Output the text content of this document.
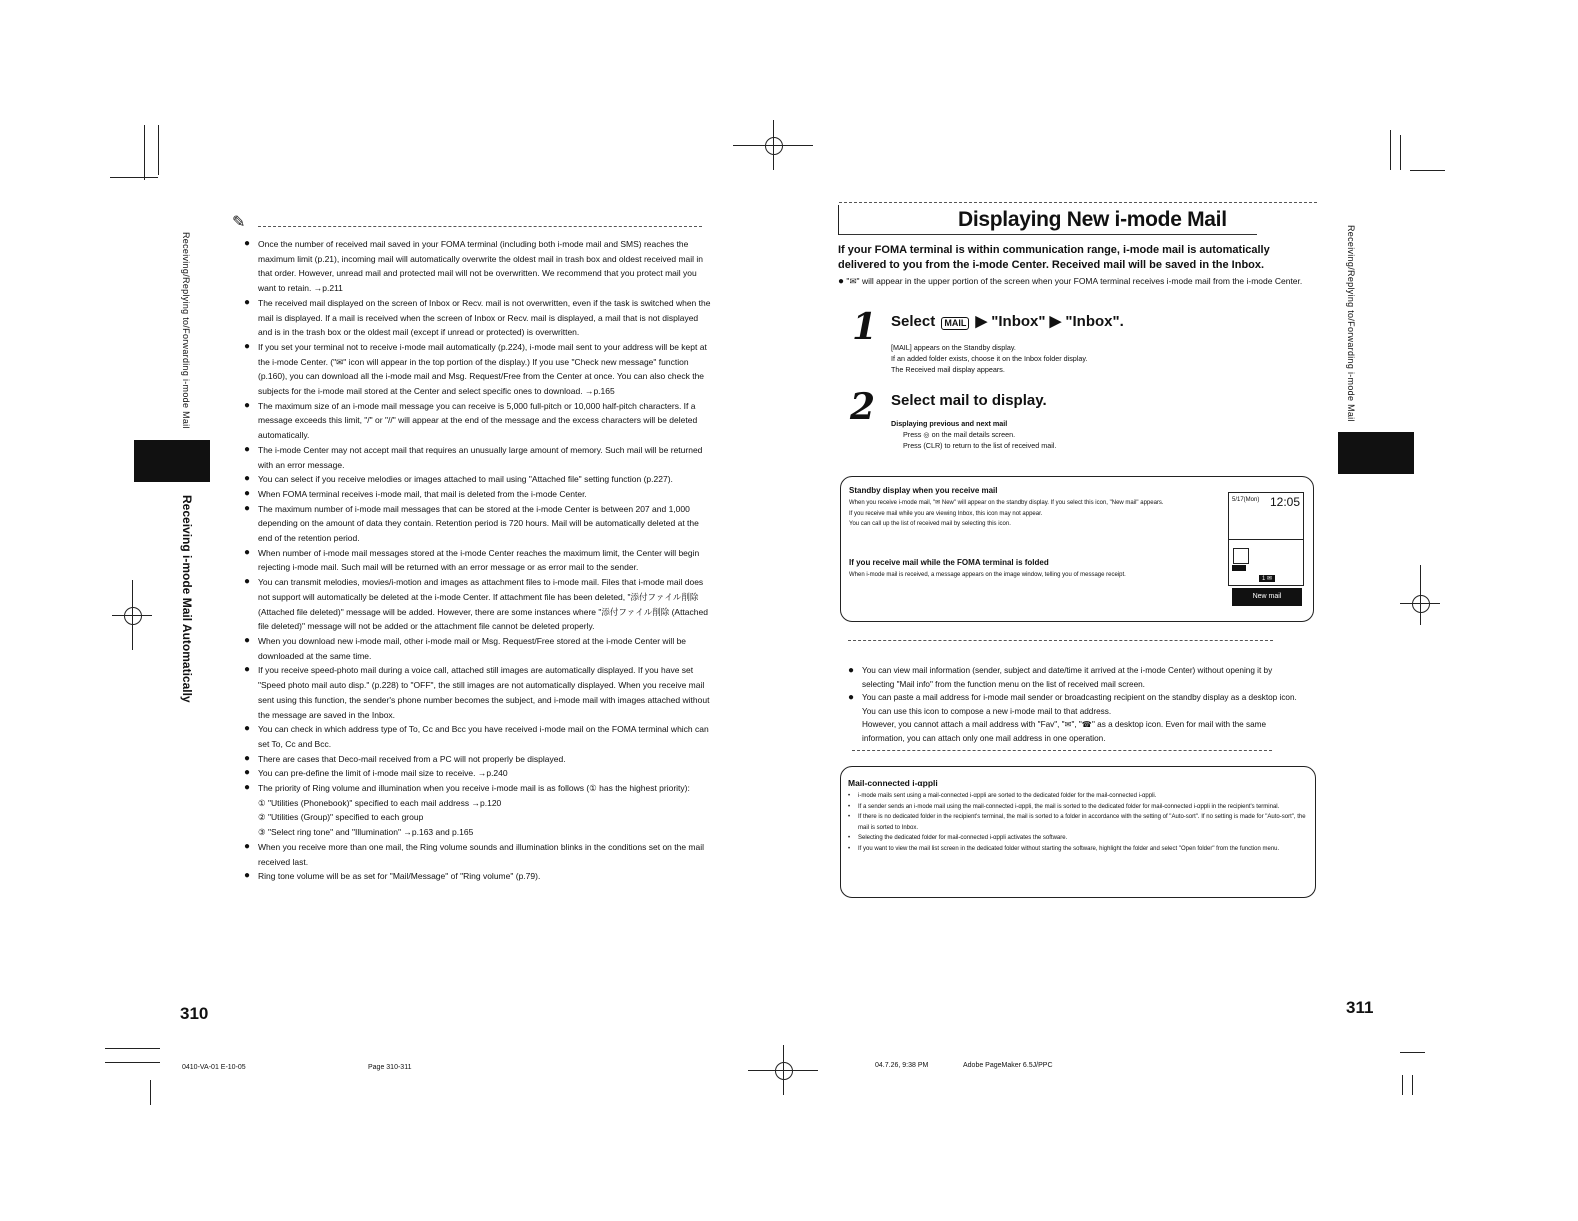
Receiving/Replying to/Forwarding i-mode Mail
Receiving i-mode Mail Automatically
✎
● Once the number of received mail saved in your FOMA terminal (including both i-mode mail and SMS) reaches the maximum limit (p.21), incoming mail will automatically overwrite the oldest mail in trash box and oldest received mail in that order. However, unread mail and protected mail will not be overwritten. We recommend that you protect mail you want to retain. →p.211
● The received mail displayed on the screen of Inbox or Recv. mail is not overwritten, even if the task is switched when the mail is displayed. If a mail is received when the screen of Inbox or Recv. mail is displayed, a mail that is not displayed and is in the trash box or the oldest mail (except if unread or protected) is overwritten.
● If you set your terminal not to receive i-mode mail automatically (p.224), i-mode mail sent to your address will be kept at the i-mode Center. ("✉" icon will appear in the top portion of the display.) If you use "Check new message" function (p.160), you can download all the i-mode mail and Msg. Request/Free from the Center at once. You can also check the subjects for the i-mode mail stored at the Center and select specific ones to download. →p.165
● The maximum size of an i-mode mail message you can receive is 5,000 full-pitch or 10,000 half-pitch characters. If a message exceeds this limit, "/" or "//" will appear at the end of the message and the excess characters will be deleted automatically.
● The i-mode Center may not accept mail that requires an unusually large amount of memory. Such mail will be returned with an error message.
● You can select if you receive melodies or images attached to mail using "Attached file" setting function (p.227).
● When FOMA terminal receives i-mode mail, that mail is deleted from the i-mode Center.
● The maximum number of i-mode mail messages that can be stored at the i-mode Center is between 207 and 1,000 depending on the amount of data they contain. Retention period is 720 hours. Mail will be automatically deleted at the end of the retention period.
● When number of i-mode mail messages stored at the i-mode Center reaches the maximum limit, the Center will begin rejecting i-mode mail. Such mail will be returned with an error message or as error mail to the sender.
● You can transmit melodies, movies/i-motion and images as attachment files to i-mode mail. Files that i-mode mail does not support will automatically be deleted at the i-mode Center. If attachment file has been deleted, "添付ファイル削除 (Attached file deleted)" message will be added. However, there are some instances where "添付ファイル削除 (Attached file deleted)" message will not be added or the attachment file cannot be deleted properly.
● When you download new i-mode mail, other i-mode mail or Msg. Request/Free stored at the i-mode Center will be downloaded at the same time.
● If you receive speed-photo mail during a voice call, attached still images are automatically displayed. If you have set "Speed photo mail auto disp." (p.228) to "OFF", the still images are not automatically displayed. When you receive mail sent using this function, the sender's phone number becomes the subject, and i-mode mail with images attached without the message are saved in the Inbox.
● You can check in which address type of To, Cc and Bcc you have received i-mode mail on the FOMA terminal which can set To, Cc and Bcc.
● There are cases that Deco-mail received from a PC will not properly be displayed.
● You can pre-define the limit of i-mode mail size to receive. →p.240
● The priority of Ring volume and illumination when you receive i-mode mail is as follows (① has the highest priority):
① "Utilities (Phonebook)" specified to each mail address →p.120
② "Utilities (Group)" specified to each group
③ "Select ring tone" and "Illumination" →p.163 and p.165
● When you receive more than one mail, the Ring volume sounds and illumination blinks in the conditions set on the mail received last.
● Ring tone volume will be as set for "Mail/Message" of "Ring volume" (p.79).
310
0410-VA-01 E-10-05	Page 310-311
Receiving/Replying to/Forwarding i-mode Mail
Displaying New i-mode Mail
If your FOMA terminal is within communication range, i-mode mail is automatically delivered to you from the i-mode Center. Received mail will be saved in the Inbox.
● "✉" will appear in the upper portion of the screen when your FOMA terminal receives i-mode mail from the i-mode Center.
1 Select MAIL ▶ "Inbox" ▶ "Inbox".
[MAIL] appears on the Standby display.
If an added folder exists, choose it on the Inbox folder display.
The Received mail display appears.
2 Select mail to display.
Displaying previous and next mail
Press ◎ on the mail details screen.
Press (CLR) to return to the list of received mail.
Standby display when you receive mail
When you receive i-mode mail, "✉ New" will appear on the standby display. If you select this icon, "New mail" appears.
If you receive mail while you are viewing Inbox, this icon may not appear.
You can call up the list of received mail by selecting this icon.
If you receive mail while the FOMA terminal is folded
When i-mode mail is received, a message appears on the image window, telling you of message receipt.
5/17(Mon) 12:05
1 ✉
New mail
● You can view mail information (sender, subject and date/time it arrived at the i-mode Center) without opening it by selecting "Mail info" from the function menu on the list of received mail screen.
● You can paste a mail address for i-mode mail sender or broadcasting recipient on the standby display as a desktop icon. You can use this icon to compose a new i-mode mail to that address.
However, you cannot attach a mail address with "Fav", "✉", "☎" as a desktop icon. Even for mail with the same information, you can attach only one mail address in one operation.
Mail-connected i-αppli
• i-mode mails sent using a mail-connected i-αppli are sorted to the dedicated folder for the mail-connected i-αppli.
• If a sender sends an i-mode mail using the mail-connected i-αppli, the mail is sorted to the dedicated folder for mail-connected i-αppli in the recipient's terminal.
• If there is no dedicated folder in the recipient's terminal, the mail is sorted to a folder in accordance with the setting of "Auto-sort". If no setting is made for "Auto-sort", the mail is sorted to Inbox.
• Selecting the dedicated folder for mail-connected i-αppli activates the software.
• If you want to view the mail list screen in the dedicated folder without starting the software, highlight the folder and select "Open folder" from the function menu.
311
04.7.26, 9:38 PM	Adobe PageMaker 6.5J/PPC
